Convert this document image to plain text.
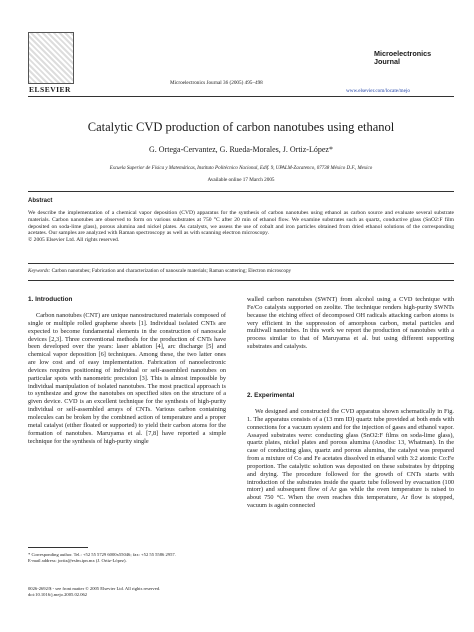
ELSEVIER
Microelectronics Journal 36 (2005) 495–498
Microelectronics
Journal
www.elsevier.com/locate/mejo
Catalytic CVD production of carbon nanotubes using ethanol
G. Ortega-Cervantez, G. Rueda-Morales, J. Ortiz-López*
Escuela Superior de Física y Matemáticas, Instituto Politécnico Nacional, Edif. 9, UPALM-Zacatenco, 07738 México D.F., Mexico
Available online 17 March 2005
Abstract
We describe the implementation of a chemical vapor deposition (CVD) apparatus for the synthesis of carbon nanotubes using ethanol as carbon source and evaluate several substrate materials. Carbon nanotubes are observed to form on various substrates at 750 °C after 20 min of ethanol flow. We examine substrates such as quartz, conductive glass (SnO2:F film deposited on soda-lime glass), porous alumina and nickel plates. As catalysts, we assess the use of cobalt and iron particles obtained from dried ethanol solutions of the corresponding acetates. Our samples are analyzed with Raman spectroscopy as well as with scanning electron microscopy.
© 2005 Elsevier Ltd. All rights reserved.
Keywords: Carbon nanotubes; Fabrication and characterization of nanoscale materials; Raman scattering; Electron microscopy
1. Introduction

Carbon nanotubes (CNT) are unique nanostructured materials composed of single or multiple rolled graphene sheets [1]. Individual isolated CNTs are expected to become fundamental elements in the construction of nanoscale devices [2,3]. Three conventional methods for the production of CNTs have been developed over the years: laser ablation [4], arc discharge [5] and chemical vapor deposition [6] techniques. Among these, the two latter ones are low cost and of easy implementation. Fabrication of nanoelectronic devices requires positioning of individual or self-assembled nanotubes on particular spots with nanometric precision [3]. This is almost impossible by individual manipulation of isolated nanotubes. The most practical approach is to synthesize and grow the nanotubes on specified sites on the structure of a given device. CVD is an excellent technique for the synthesis of high-purity individual or self-assembled arrays of CNTs. Various carbon containing molecules can be broken by the combined action of temperature and a proper metal catalyst (either floated or supported) to yield their carbon atoms for the formation of nanotubes. Maruyama et al. [7,8] have reported a simple technique for the synthesis of high-purity single

walled carbon nanotubes (SWNT) from alcohol using a CVD technique with Fe/Co catalysts supported on zeolite. The technique renders high-purity SWNTs because the etching effect of decomposed OH radicals attacking carbon atoms is very efficient in the suppression of amorphous carbon, metal particles and multiwall nanotubes. In this work we report the production of nanotubes with a process similar to that of Maruyama et al. but using different supporting substrates and catalysts.

2. Experimental

We designed and constructed the CVD apparatus shown schematically in Fig. 1. The apparatus consists of a (13 mm ID) quartz tube provided at both ends with connections for a vacuum system and for the injection of gases and ethanol vapor. Assayed substrates were: conducting glass (SnO2:F films on soda-lime glass), quartz plates, nickel plates and porous alumina (Anodisc 13, Whatman). In the case of conducting glass, quartz and porous alumina, the catalyst was prepared from a mixture of Co and Fe acetates dissolved in ethanol with 3:2 atomic Co:Fe proportion. The catalytic solution was deposited on these substrates by dripping and drying. The procedure followed for the growth of CNTs starts with introduction of the substrates inside the quartz tube followed by evacuation (100 mtorr) and subsequent flow of Ar gas while the oven temperature is raised to about 750 °C. When the oven reaches this temperature, Ar flow is stopped, vacuum is again connected

* Corresponding author. Tel.: +52 55 5729 6000x55046; fax: +52 55 5586 2957.
E-mail address: jortiz@esfm.ipn.mx (J. Ortiz-López).
0026-2692/$ - see front matter © 2005 Elsevier Ltd. All rights reserved.
doi:10.1016/j.mejo.2005.02.062
